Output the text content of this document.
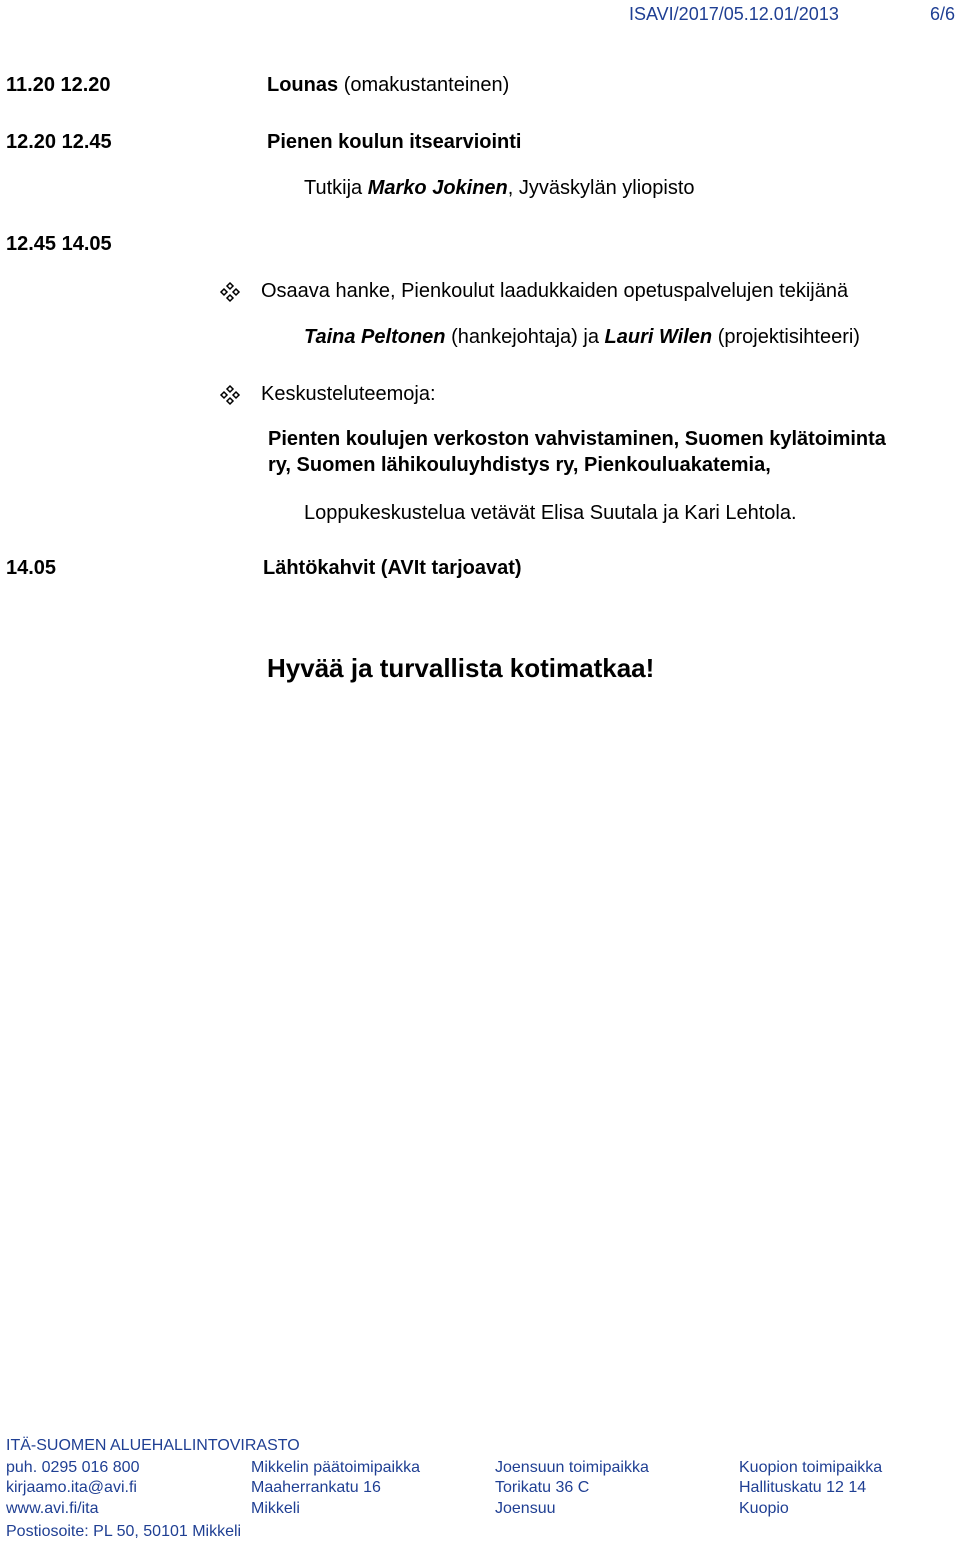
ISAVI/2017/05.12.01/2013	6/6
11.20 12.20	Lounas (omakustanteinen)
12.20 12.45	Pienen koulun itsearviointi
Tutkija Marko Jokinen, Jyväskylän yliopisto
12.45 14.05
Osaava hanke, Pienkoulut laadukkaiden opetuspalvelujen tekijänä
Taina Peltonen (hankejohtaja) ja Lauri Wilen (projektisihteeri)
Keskusteluteemoja:
Pienten koulujen verkoston vahvistaminen, Suomen kylätoiminta
ry, Suomen lähikouluyhdistys ry, Pienkouluakatemia,
Loppukeskustelua vetävät Elisa Suutala ja Kari Lehtola.
14.05	Lähtökahvit (AVIt tarjoavat)
Hyvää ja turvallista kotimatkaa!
ITÄ-SUOMEN ALUEHALLINTOVIRASTO
puh. 0295 016 800
kirjaamo.ita@avi.fi
www.avi.fi/ita
Postiosoite: PL 50, 50101 Mikkeli
Mikkelin päätoimipaikka
Maaherrankatu 16
Mikkeli
Joensuun toimipaikka
Torikatu 36 C
Joensuu
Kuopion toimipaikka
Hallituskatu 12 14
Kuopio
